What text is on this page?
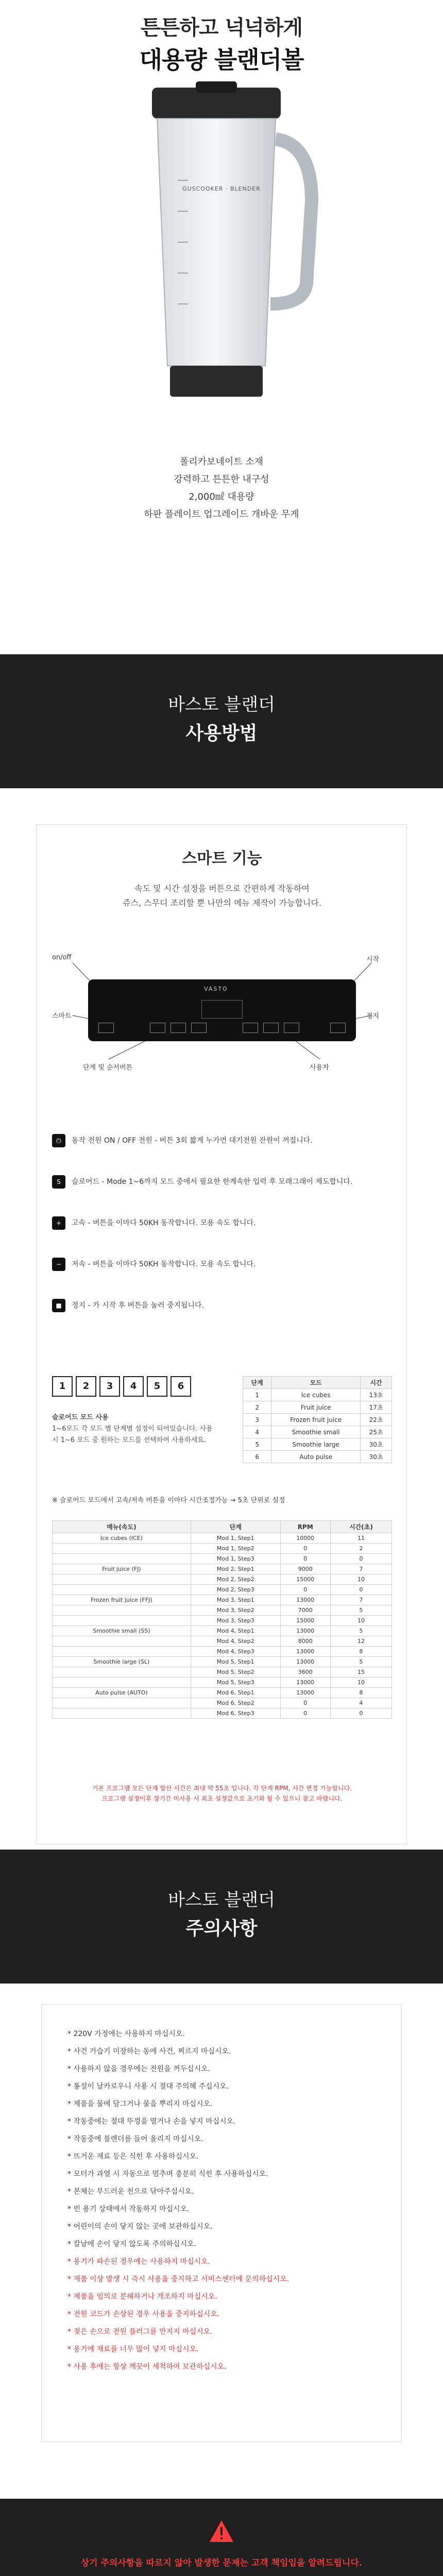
튼튼하고 넉넉하게
대용량 블랜더볼
GUSCOOKER · BLENDER
폴리카보네이트 소재
강력하고 튼튼한 내구성
2,000㎖ 대용량
하판 플레이트 업그레이드 개바운 무게
바스토 블랜더
사용방법
스마트 기능
속도 및 시간 설정을 버튼으로 간편하게 작동하여
쥬스, 스무디 조리할 뿐 나만의 메뉴 제작이 가능합니다.
on/off
스마트
단계 및 순서버튼
시작
정지
사용자
VASTO
⏻ 동작 전원 ON / OFF 전원 - 버튼 3회 짧게 누가면 대기전원 잔원이 꺼집니다.
S 슬로어드 - Mode 1~6까지 모드 중에서 필요한 한계속한 입력 후 모래그래이 제도합니다.
+ 고속 - 버튼을 이마다 50KH 동작합니다. 모용 속도 합니다.
− 저속 - 버튼을 이마다 50KH 동작합니다. 모용 속도 합니다.
■ 정지 - 가 시작 후 버튼을 눌러 중지됩니다.
1 2 3 4 5 6
슬로어드 모드 사용
1~6모드 각 모드 별 단계별 설정이 되어있습니다. 사용 시 1~6 모드 중 원하는 모드를 선택하여 사용하세요.
단계	모드	시간
1	Ice cubes	13초
2	Fruit juice	17초
3	Frozen fruit juice	22초
4	Smoothie small	25초
5	Smoothie large	30초
6	Auto pulse	30초
※ 슬로어드 모드에서 고속/저속 버튼을 이마다 시간조정가능 → 5초 단위로 설정
메뉴(속도)	단계	RPM	시간(초)
Ice cubes (ICE)	Mod 1, Step1	10000	11
	Mod 1, Step2	0	2
	Mod 1, Step3	0	0
Fruit juice (FJ)	Mod 2, Step1	9000	7
	Mod 2, Step2	15000	10
	Mod 2, Step3	0	0
Frozen fruit juice (FFJ)	Mod 3, Step1	13000	7
	Mod 3, Step2	7000	5
	Mod 3, Step3	15000	10
Smoothie small (SS)	Mod 4, Step1	13000	5
	Mod 4, Step2	8000	12
	Mod 4, Step3	13000	8
Smoothie large (SL)	Mod 5, Step1	13000	5
	Mod 5, Step2	3600	15
	Mod 5, Step3	13000	10
Auto pulse (AUTO)	Mod 6, Step1	13000	8
	Mod 6, Step2	0	4
	Mod 6, Step3	0	0
기본 프로그램 모든 단계 합산 시간은 최대 약 55초 입니다. 각 단계 RPM, 시간 변경 가능합니다.
프로그램 설정이후 장기간 미사용 시 최초 설정값으로 초기화 될 수 있으니 참고 바랍니다.
바스토 블랜더
주의사항
* 220V 가정에는 사용하지 마십시오.
* 사건 가습기 미장하는 동에 사건, 찌르지 마십시오.
* 사용하지 않을 경우에는 전원을 꺼두십시오.
* 통설이 날카로우니 사용 시 절대 주의해 주십시오.
* 제품을 물에 담그거나 물을 뿌리지 마십시오.
* 작동중에는 절대 뚜껑을 열거나 손을 넣지 마십시오.
* 작동중에 블렌더를 들어 올리지 마십시오.
* 뜨거운 재료 등은 식힌 후 사용하십시오.
* 모터가 과열 시 자동으로 멈추며 충분히 식힌 후 사용하십시오.
* 본체는 부드러운 천으로 닦아주십시오.
* 빈 용기 상태에서 작동하지 마십시오.
* 어린이의 손이 닿지 않는 곳에 보관하십시오.
* 칼날에 손이 닿지 않도록 주의하십시오.
* 용기가 파손된 경우에는 사용하지 마십시오.
* 제품 이상 발생 시 즉시 사용을 중지하고 서비스센터에 문의하십시오.
* 제품을 임의로 분해하거나 개조하지 마십시오.
* 전원 코드가 손상된 경우 사용을 중지하십시오.
* 젖은 손으로 전원 플러그를 만지지 마십시오.
* 용기에 재료를 너무 많이 넣지 마십시오.
* 사용 후에는 항상 깨끗이 세척하여 보관하십시오.
상기 주의사항을 따르지 않아 발생한 문제는 고객 책임임을 알려드립니다.
